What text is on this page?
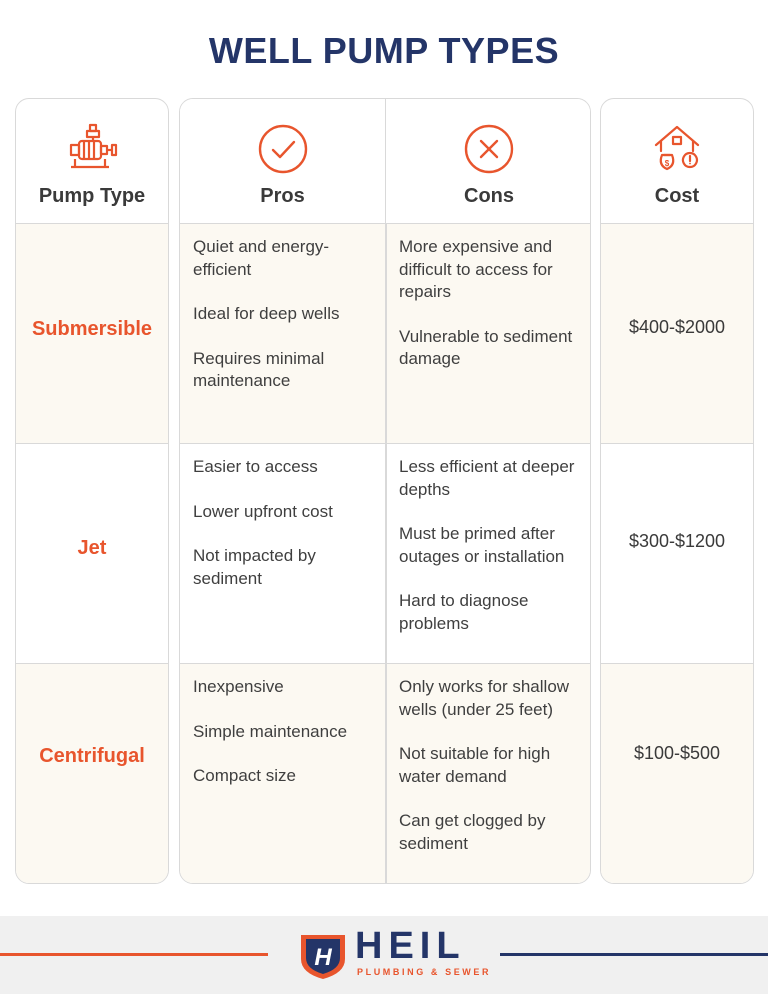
WELL PUMP TYPES
Pump Type
Submersible
Jet
Centrifugal
Pros	Cons
Quiet and energy-efficient
Ideal for deep wells
Requires minimal maintenance
More expensive and difficult to access for repairs
Vulnerable to sediment damage
Easier to access
Lower upfront cost
Not impacted by sediment
Less efficient at deeper depths
Must be primed after outages or installation
Hard to diagnose problems
Inexpensive
Simple maintenance
Compact size
Only works for shallow wells (under 25 feet)
Not suitable for high water demand
Can get clogged by sediment
$
Cost
$400-$2000
$300-$1200
$100-$500
H HEIL
PLUMBING & SEWER
